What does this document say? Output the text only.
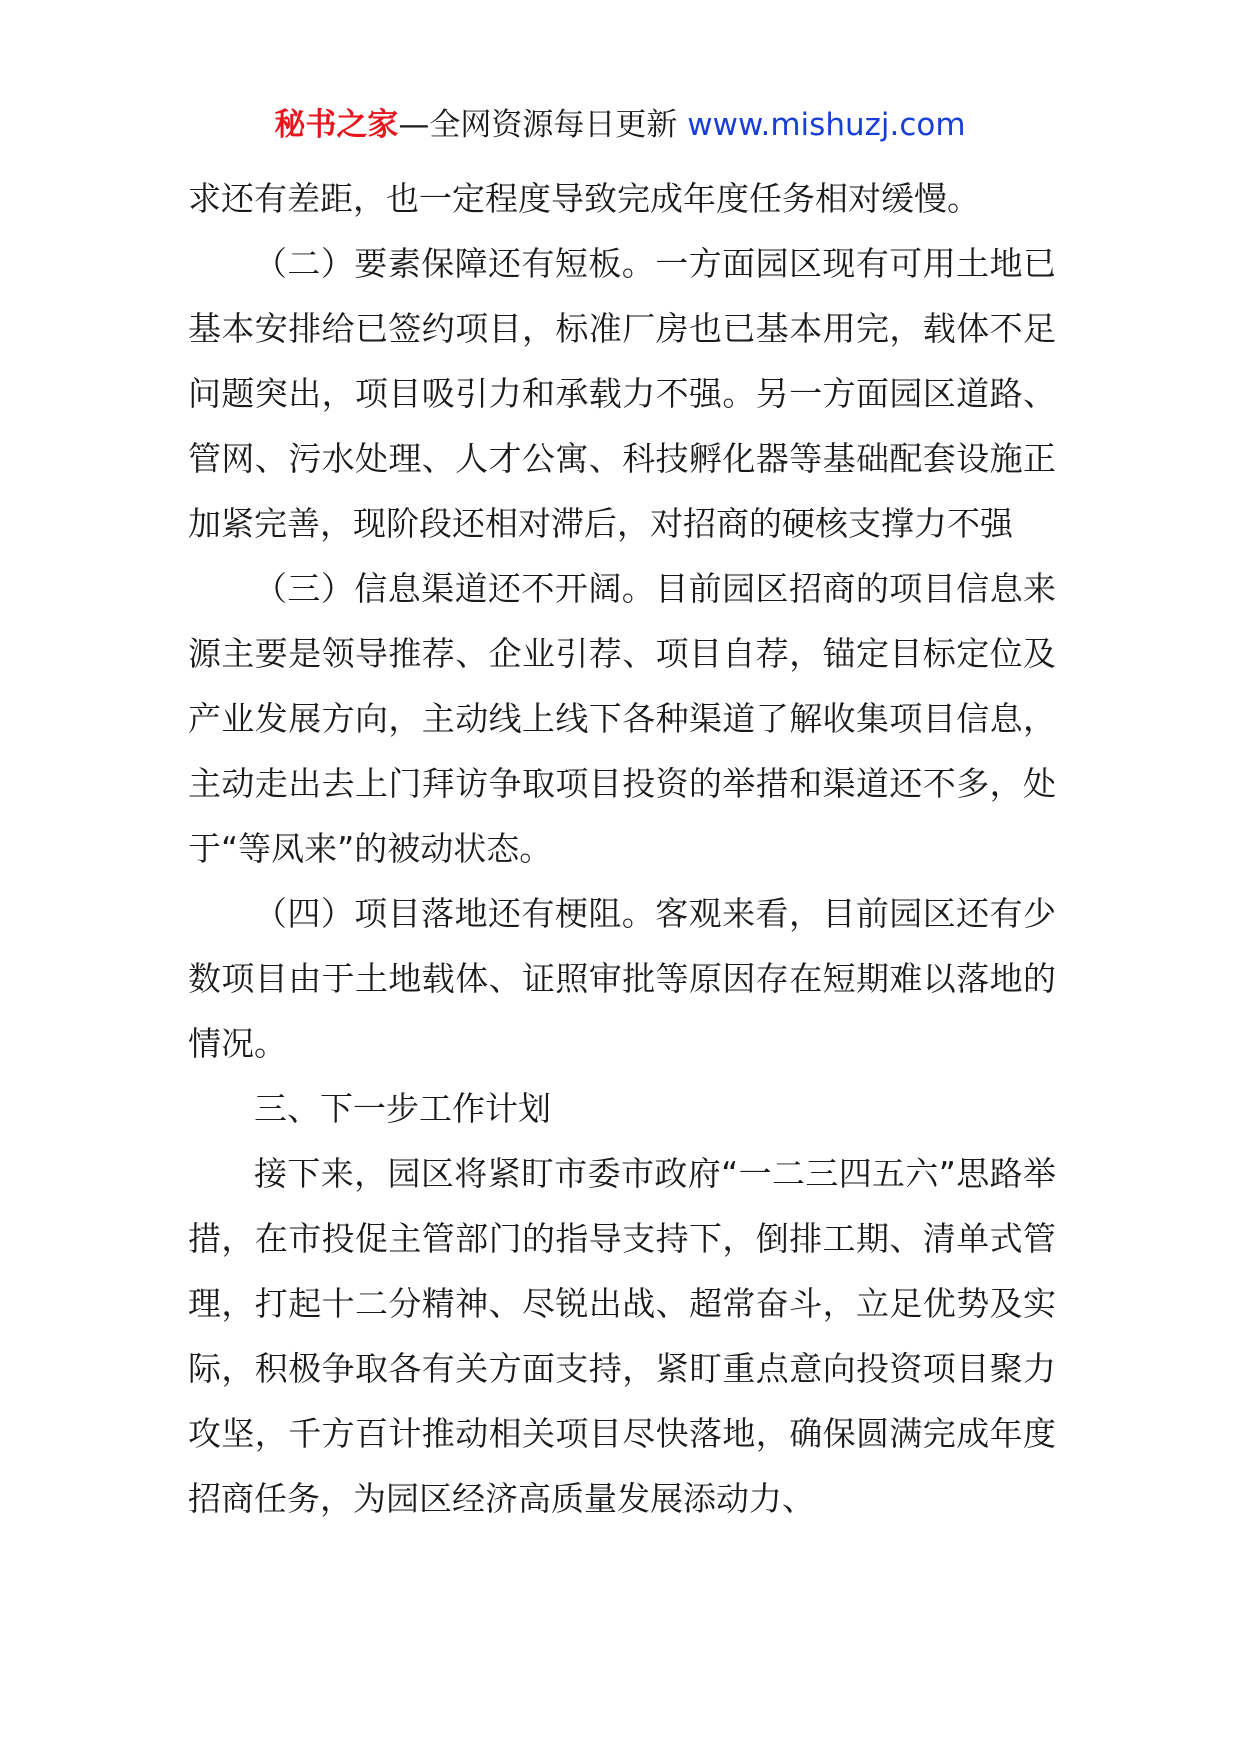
秘书之家—全网资源每日更新 www.mishuzj.com

求还有差距，也一定程度导致完成年度任务相对缓慢。

（二）要素保障还有短板。一方面园区现有可用土地已基本安排给已签约项目，标准厂房也已基本用完，载体不足问题突出，项目吸引力和承载力不强。另一方面园区道路、管网、污水处理、人才公寓、科技孵化器等基础配套设施正加紧完善，现阶段还相对滞后，对招商的硬核支撑力不强

（三）信息渠道还不开阔。目前园区招商的项目信息来源主要是领导推荐、企业引荐、项目自荐，锚定目标定位及产业发展方向，主动线上线下各种渠道了解收集项目信息，主动走出去上门拜访争取项目投资的举措和渠道还不多，处于“等凤来”的被动状态。

（四）项目落地还有梗阻。客观来看，目前园区还有少数项目由于土地载体、证照审批等原因存在短期难以落地的情况。

三、下一步工作计划

接下来，园区将紧盯市委市政府“一二三四五六”思路举措，在市投促主管部门的指导支持下，倒排工期、清单式管理，打起十二分精神、尽锐出战、超常奋斗，立足优势及实际，积极争取各有关方面支持，紧盯重点意向投资项目聚力攻坚，千方百计推动相关项目尽快落地，确保圆满完成年度招商任务，为园区经济高质量发展添动力、
